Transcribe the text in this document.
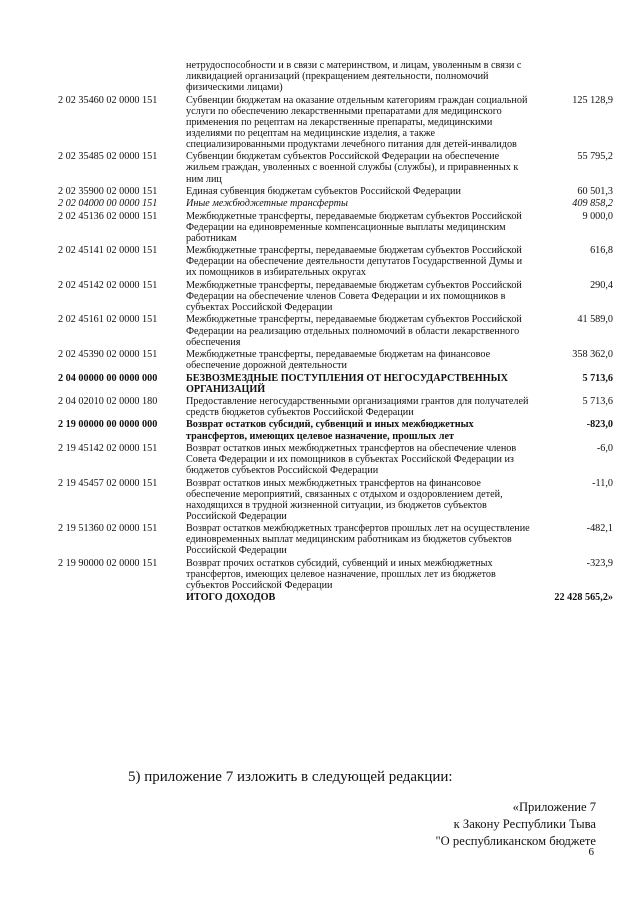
	нетрудоспособности и в связи с материнством, и лицам, уволенным в связи с ликвидацией организаций (прекращением деятельности, полномочий физическими лицами)	
2 02 35460 02 0000 151	Субвенции бюджетам на оказание отдельным категориям граждан социальной услуги по обеспечению лекарственными препаратами для медицинского применения по рецептам на лекарственные препараты, медицинскими изделиями по рецептам на медицинские изделия, а также специализированными продуктами лечебного питания для детей-инвалидов	125 128,9
2 02 35485 02 0000 151	Субвенции бюджетам субъектов Российской Федерации на обеспечение жильем граждан, уволенных с военной службы (службы), и приравненных к ним лиц	55 795,2
2 02 35900 02 0000 151	Единая субвенция бюджетам субъектов Российской Федерации	60 501,3
2 02 04000 00 0000 151	Иные межбюджетные трансферты	409 858,2
2 02 45136 02 0000 151	Межбюджетные трансферты, передаваемые бюджетам субъектов Российской Федерации на единовременные компенсационные выплаты медицинским работникам	9 000,0
2 02 45141 02 0000 151	Межбюджетные трансферты, передаваемые бюджетам субъектов Российской Федерации на обеспечение деятельности депутатов Государственной Думы и их помощников в избирательных округах	616,8
2 02 45142 02 0000 151	Межбюджетные трансферты, передаваемые бюджетам субъектов Российской Федерации на обеспечение членов Совета Федерации и их помощников в субъектах Российской Федерации	290,4
2 02 45161 02 0000 151	Межбюджетные трансферты, передаваемые бюджетам субъектов Российской Федерации на реализацию отдельных полномочий в области лекарственного обеспечения	41 589,0
2 02 45390 02 0000 151	Межбюджетные трансферты, передаваемые бюджетам на финансовое обеспечение дорожной деятельности	358 362,0
2 04 00000 00 0000 000	БЕЗВОЗМЕЗДНЫЕ ПОСТУПЛЕНИЯ ОТ НЕГОСУДАРСТВЕННЫХ ОРГАНИЗАЦИЙ	5 713,6
2 04 02010 02 0000 180	Предоставление негосударственными организациями грантов для получателей средств бюджетов субъектов Российской Федерации	5 713,6
2 19 00000 00 0000 000	Возврат остатков субсидий, субвенций и иных межбюджетных трансфертов, имеющих целевое назначение, прошлых лет	-823,0
2 19 45142 02 0000 151	Возврат остатков иных межбюджетных трансфертов на обеспечение членов Совета Федерации и их помощников в субъектах Российской Федерации из бюджетов субъектов Российской Федерации	-6,0
2 19 45457 02 0000 151	Возврат остатков иных межбюджетных трансфертов на финансовое обеспечение мероприятий, связанных с отдыхом и оздоровлением детей, находящихся в трудной жизненной ситуации, из бюджетов субъектов Российской Федерации	-11,0
2 19 51360 02 0000 151	Возврат остатков межбюджетных трансфертов прошлых лет на осуществление единовременных выплат медицинским работникам из бюджетов субъектов Российской Федерации	-482,1
2 19 90000 02 0000 151	Возврат прочих остатков субсидий, субвенций и иных межбюджетных трансфертов, имеющих целевое назначение, прошлых лет из бюджетов субъектов Российской Федерации	-323,9
	ИТОГО ДОХОДОВ	22 428 565,2»
5) приложение 7 изложить в следующей редакции:
«Приложение 7
к Закону Республики Тыва
"О республиканском бюджете
6
